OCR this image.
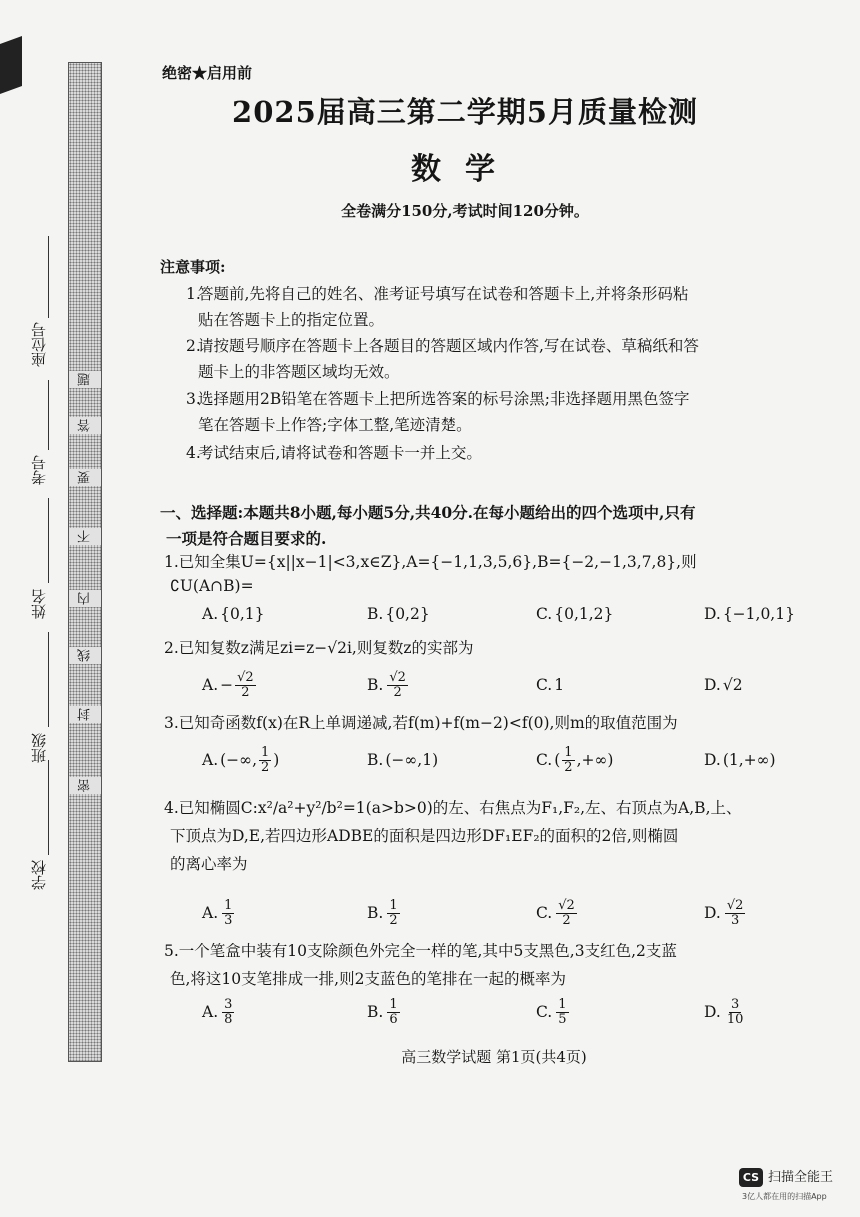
密
封
线
内
不
要
答
题
学校
班级
姓名
考号
座位号
绝密★启用前
2025届高三第二学期5月质量检测
数学
全卷满分150分,考试时间120分钟。
注意事项:
1.
答题前,先将自己的姓名、准考证号填写在试卷和答题卡上,并将条形码粘
贴在答题卡上的指定位置。
2.
请按题号顺序在答题卡上各题目的答题区域内作答,写在试卷、草稿纸和答
题卡上的非答题区域均无效。
3.
选择题用2B铅笔在答题卡上把所选答案的标号涂黑;非选择题用黑色签字
笔在答题卡上作答;字体工整,笔迹清楚。
4.
考试结束后,请将试卷和答题卡一并上交。
一、选择题:本题共8小题,每小题5分,共40分.在每小题给出的四个选项中,只有
一项是符合题目要求的.
1.已知全集U={x||x−1|<3,x∈Z},A={−1,1,3,5,6},B={−2,−1,3,7,8},则
∁U(A∩B)=
A. {0,1}	B. {0,2}	C. {0,1,2}	D. {−1,0,1}
2.已知复数z满足zi=z−√2i,则复数z的实部为
A. − $\frac{√2}{2}$	B. $\frac{√2}{2}$	C. 1	D. √2
3.已知奇函数f(x)在R上单调递减,若f(m)+f(m−2)<f(0),则m的取值范围为
A. (−∞, $\frac{1}{2}$ )	B. (−∞,1)	C. ( $\frac{1}{2}$ ,+∞)	D. (1,+∞)
4.已知椭圆C:x²/a²+y²/b²=1(a>b>0)的左、右焦点为F₁,F₂,左、右顶点为A,B,上、
下顶点为D,E,若四边形ADBE的面积是四边形DF₁EF₂的面积的2倍,则椭圆
的离心率为
A. $\frac{1}{3}$	B. $\frac{1}{2}$	C. $\frac{√2}{2}$	D. $\frac{√2}{3}$
5.一个笔盒中装有10支除颜色外完全一样的笔,其中5支黑色,3支红色,2支蓝
色,将这10支笔排成一排,则2支蓝色的笔排在一起的概率为
A. $\frac{3}{8}$	B. $\frac{1}{6}$	C. $\frac{1}{5}$	D. $\frac{3}{10}$
高三数学试题 第1页(共4页)
CS 扫描全能王
3亿人都在用的扫描App
